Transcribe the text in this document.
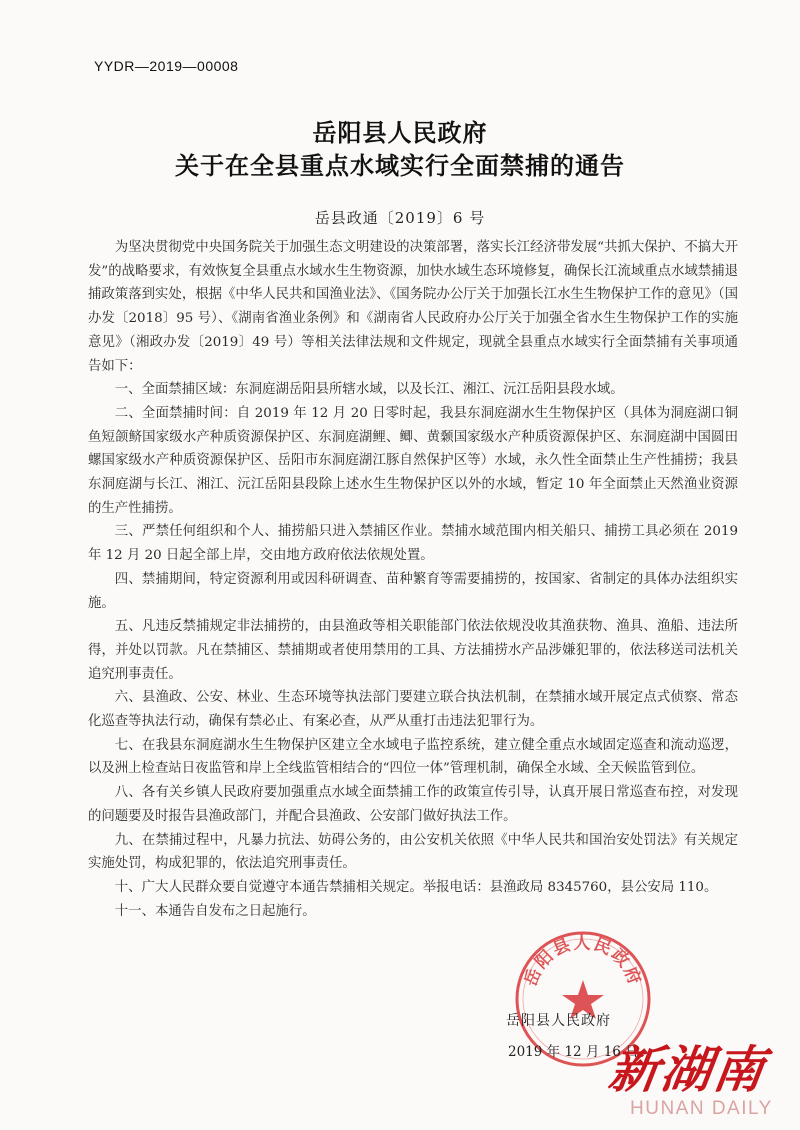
YYDR—2019—00008
岳阳县人民政府
关于在全县重点水域实行全面禁捕的通告
岳县政通〔2019〕6 号

为坚决贯彻党中央国务院关于加强生态文明建设的决策部署，落实长江经济带发展“共抓大保护、不搞大开发”的战略要求，有效恢复全县重点水域水生生物资源，加快水域生态环境修复，确保长江流域重点水域禁捕退捕政策落到实处，根据《中华人民共和国渔业法》、《国务院办公厅关于加强长江水生生物保护工作的意见》（国办发〔2018〕95 号）、《湖南省渔业条例》和《湖南省人民政府办公厅关于加强全省水生生物保护工作的实施意见》（湘政办发〔2019〕49 号）等相关法律法规和文件规定，现就全县重点水域实行全面禁捕有关事项通告如下：

一、全面禁捕区域：东洞庭湖岳阳县所辖水域，以及长江、湘江、沅江岳阳县段水域。

二、全面禁捕时间：自 2019 年 12 月 20 日零时起，我县东洞庭湖水生生物保护区（具体为洞庭湖口铜鱼短颌鲚国家级水产种质资源保护区、东洞庭湖鲤、鲫、黄颡国家级水产种质资源保护区、东洞庭湖中国圆田螺国家级水产种质资源保护区、岳阳市东洞庭湖江豚自然保护区等）水域，永久性全面禁止生产性捕捞；我县东洞庭湖与长江、湘江、沅江岳阳县段除上述水生生物保护区以外的水域，暂定 10 年全面禁止天然渔业资源的生产性捕捞。

三、严禁任何组织和个人、捕捞船只进入禁捕区作业。禁捕水域范围内相关船只、捕捞工具必须在 2019 年 12 月 20 日起全部上岸，交由地方政府依法依规处置。

四、禁捕期间，特定资源利用或因科研调查、苗种繁育等需要捕捞的，按国家、省制定的具体办法组织实施。

五、凡违反禁捕规定非法捕捞的，由县渔政等相关职能部门依法依规没收其渔获物、渔具、渔船、违法所得，并处以罚款。凡在禁捕区、禁捕期或者使用禁用的工具、方法捕捞水产品涉嫌犯罪的，依法移送司法机关追究刑事责任。

六、县渔政、公安、林业、生态环境等执法部门要建立联合执法机制，在禁捕水域开展定点式侦察、常态化巡查等执法行动，确保有禁必止、有案必查，从严从重打击违法犯罪行为。

七、在我县东洞庭湖水生生物保护区建立全水域电子监控系统，建立健全重点水域固定巡查和流动巡逻，以及洲上检查站日夜监管和岸上全线监管相结合的“四位一体”管理机制，确保全水域、全天候监管到位。

八、各有关乡镇人民政府要加强重点水域全面禁捕工作的政策宣传引导，认真开展日常巡查布控，对发现的问题要及时报告县渔政部门，并配合县渔政、公安部门做好执法工作。

九、在禁捕过程中，凡暴力抗法、妨碍公务的，由公安机关依照《中华人民共和国治安处罚法》有关规定实施处罚，构成犯罪的，依法追究刑事责任。

十、广大人民群众要自觉遵守本通告禁捕相关规定。举报电话：县渔政局 8345760，县公安局 110。

十一、本通告自发布之日起施行。

岳阳县人民政府
岳阳县人民政府
2019 年 12 月 16 日
新湖南
HUNAN DAILY
